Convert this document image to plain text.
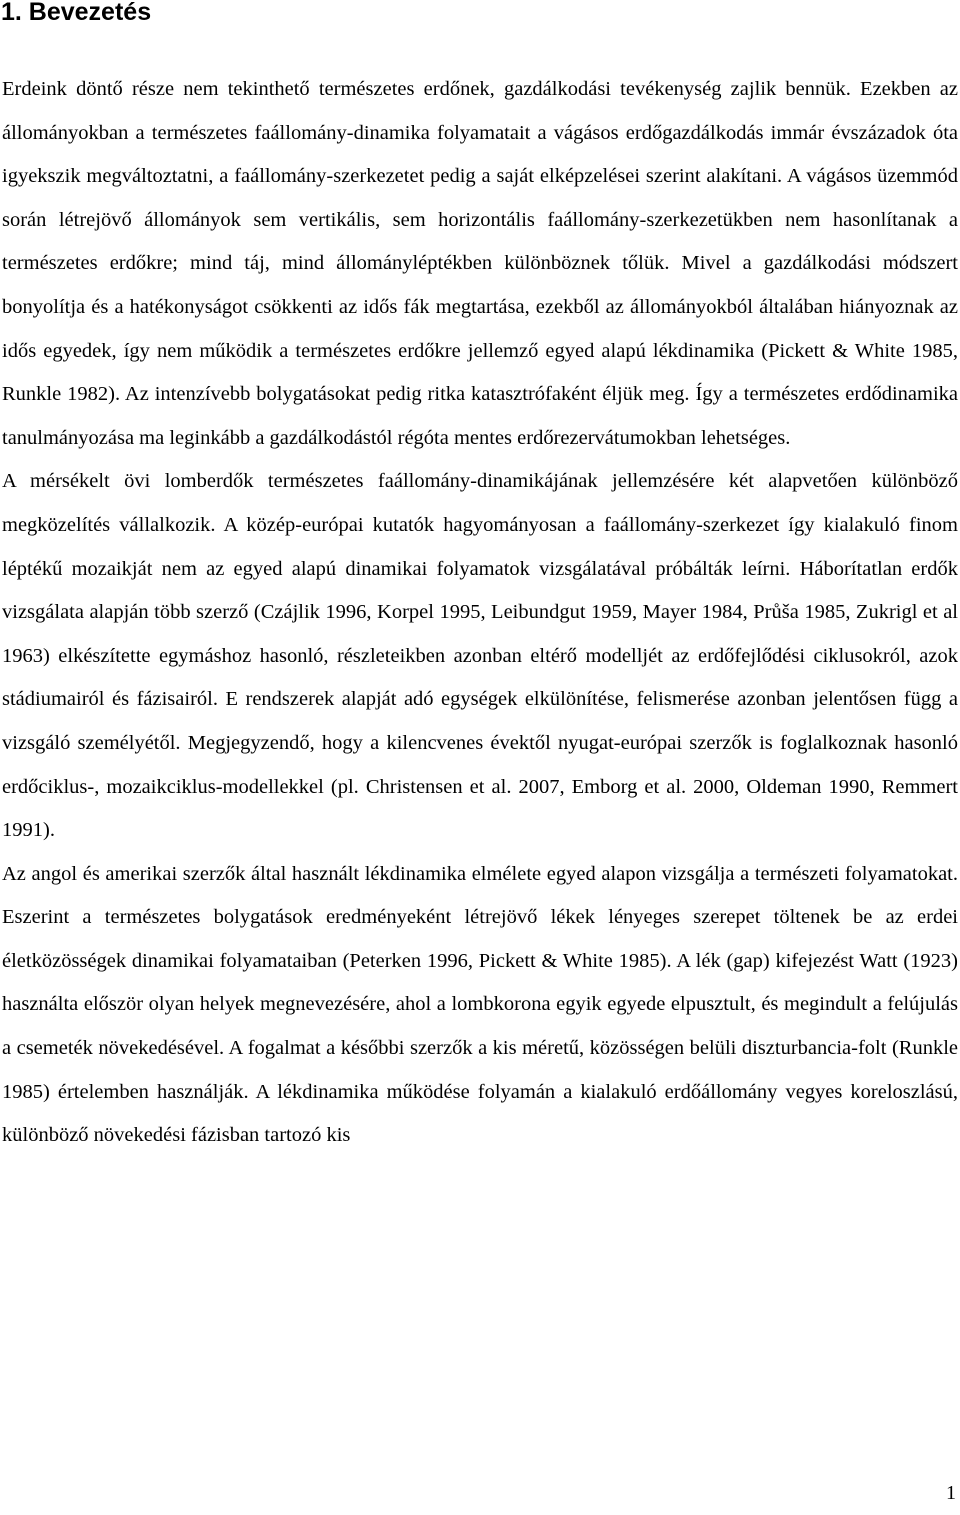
1. Bevezetés

Erdeink döntő része nem tekinthető természetes erdőnek, gazdálkodási tevékenység zajlik bennük. Ezekben az állományokban a természetes faállomány-dinamika folyamatait a vágásos erdőgazdálkodás immár évszázadok óta igyekszik megváltoztatni, a faállomány-szerkezetet pedig a saját elképzelései szerint alakítani. A vágásos üzemmód során létrejövő állományok sem vertikális, sem horizontális faállomány-szerkezetükben nem hasonlítanak a természetes erdőkre; mind táj, mind állományléptékben különböznek tőlük. Mivel a gazdálkodási módszert bonyolítja és a hatékonyságot csökkenti az idős fák megtartása, ezekből az állományokból általában hiányoznak az idős egyedek, így nem működik a természetes erdőkre jellemző egyed alapú lékdinamika (Pickett & White 1985, Runkle 1982). Az intenzívebb bolygatásokat pedig ritka katasztrófaként éljük meg. Így a természetes erdődinamika tanulmányozása ma leginkább a gazdálkodástól régóta mentes erdőrezervátumokban lehetséges.

A mérsékelt övi lomberdők természetes faállomány-dinamikájának jellemzésére két alapvetően különböző megközelítés vállalkozik. A közép-európai kutatók hagyományosan a faállomány-szerkezet így kialakuló finom léptékű mozaikját nem az egyed alapú dinamikai folyamatok vizsgálatával próbálták leírni. Háborítatlan erdők vizsgálata alapján több szerző (Czájlik 1996, Korpel 1995, Leibundgut 1959, Mayer 1984, Průša 1985, Zukrigl et al 1963) elkészítette egymáshoz hasonló, részleteikben azonban eltérő modelljét az erdőfejlődési ciklusokról, azok stádiumairól és fázisairól. E rendszerek alapját adó egységek elkülönítése, felismerése azonban jelentősen függ a vizsgáló személyétől. Megjegyzendő, hogy a kilencvenes évektől nyugat-európai szerzők is foglalkoznak hasonló erdőciklus-, mozaikciklus-modellekkel (pl. Christensen et al. 2007, Emborg et al. 2000, Oldeman 1990, Remmert 1991).

Az angol és amerikai szerzők által használt lékdinamika elmélete egyed alapon vizsgálja a természeti folyamatokat. Eszerint a természetes bolygatások eredményeként létrejövő lékek lényeges szerepet töltenek be az erdei életközösségek dinamikai folyamataiban (Peterken 1996, Pickett & White 1985). A lék (gap) kifejezést Watt (1923) használta először olyan helyek megnevezésére, ahol a lombkorona egyik egyede elpusztult, és megindult a felújulás a csemeték növekedésével. A fogalmat a későbbi szerzők a kis méretű, közösségen belüli diszturbancia-folt (Runkle 1985) értelemben használják. A lékdinamika működése folyamán a kialakuló erdőállomány vegyes koreloszlású, különböző növekedési fázisban tartozó kis

1
